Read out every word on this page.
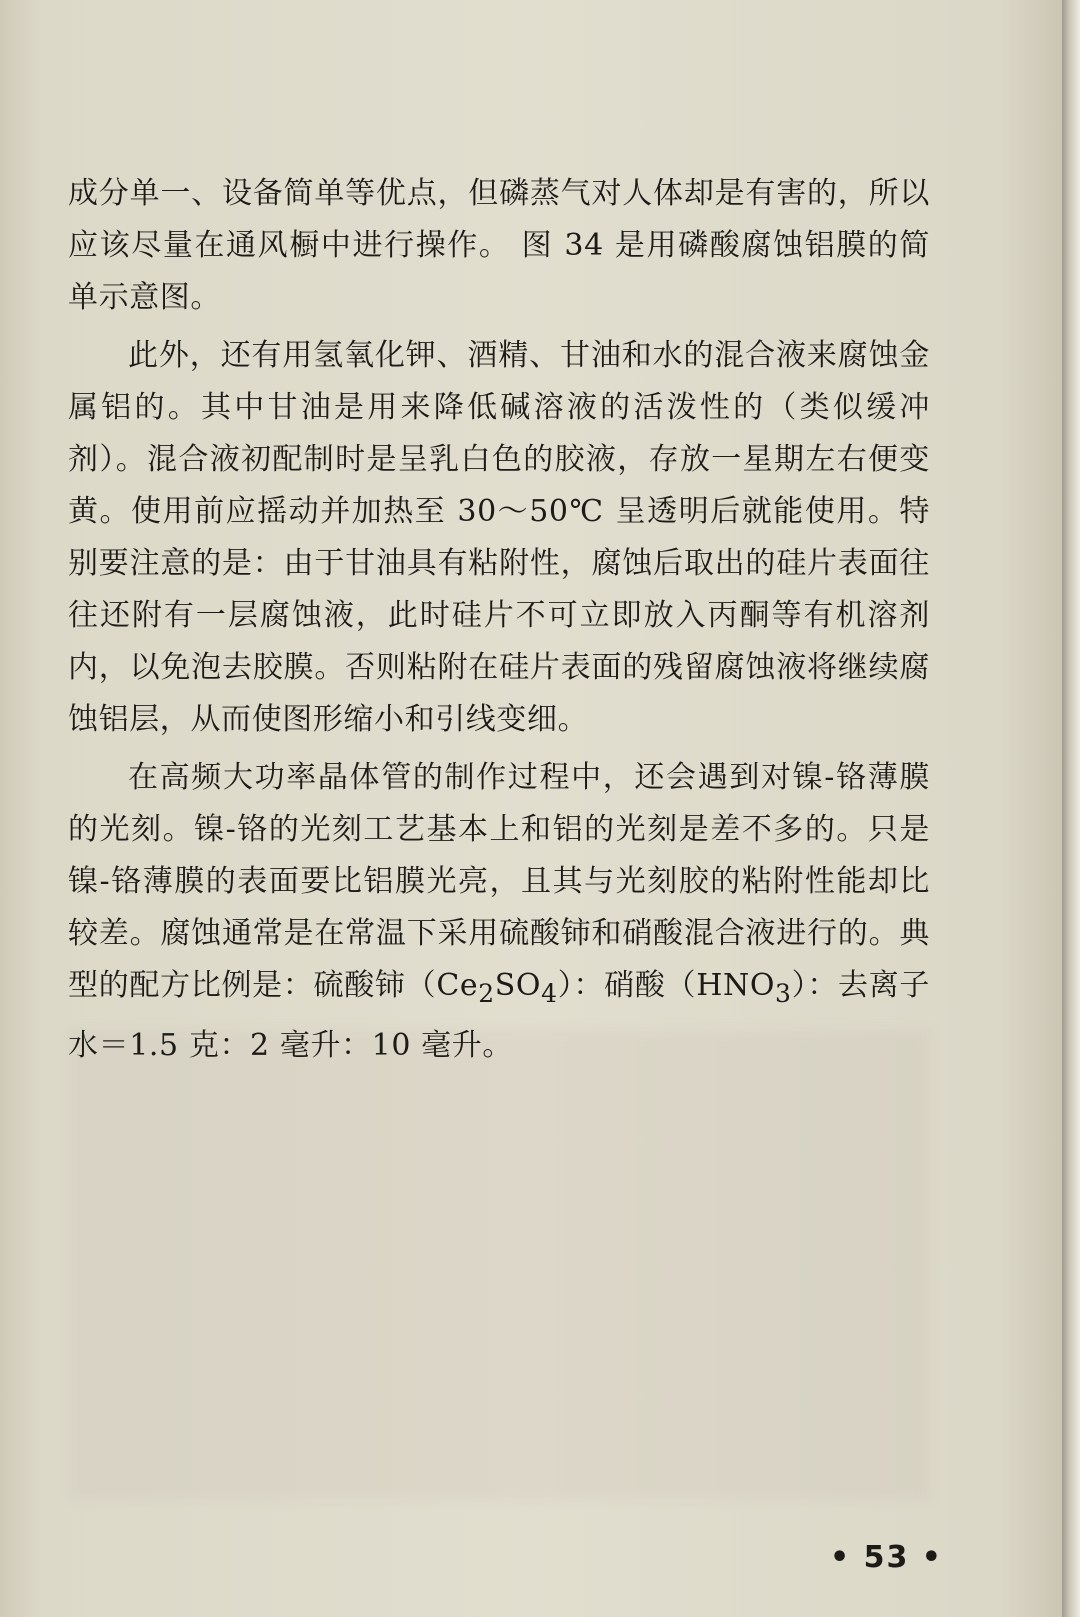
成分单一、设备简单等优点，但磷蒸气对人体却是有害的，所以应该尽量在通风橱中进行操作。 图 34 是用磷酸腐蚀铝膜的简单示意图。

此外，还有用氢氧化钾、酒精、甘油和水的混合液来腐蚀金属铝的。其中甘油是用来降低碱溶液的活泼性的（类似缓冲剂）。混合液初配制时是呈乳白色的胶液，存放一星期左右便变黄。使用前应摇动并加热至 30～50℃ 呈透明后就能使用。特别要注意的是：由于甘油具有粘附性，腐蚀后取出的硅片表面往往还附有一层腐蚀液，此时硅片不可立即放入丙酮等有机溶剂内，以免泡去胶膜。否则粘附在硅片表面的残留腐蚀液将继续腐蚀铝层，从而使图形缩小和引线变细。

在高频大功率晶体管的制作过程中，还会遇到对镍-铬薄膜的光刻。镍-铬的光刻工艺基本上和铝的光刻是差不多的。只是镍-铬薄膜的表面要比铝膜光亮，且其与光刻胶的粘附性能却比较差。腐蚀通常是在常温下采用硫酸铈和硝酸混合液进行的。典型的配方比例是：硫酸铈$(Ce_2SO_4)$：硝酸$(HNO_3)$：去离子水＝1.5 克：2 毫升：10 毫升。

• 53 •
